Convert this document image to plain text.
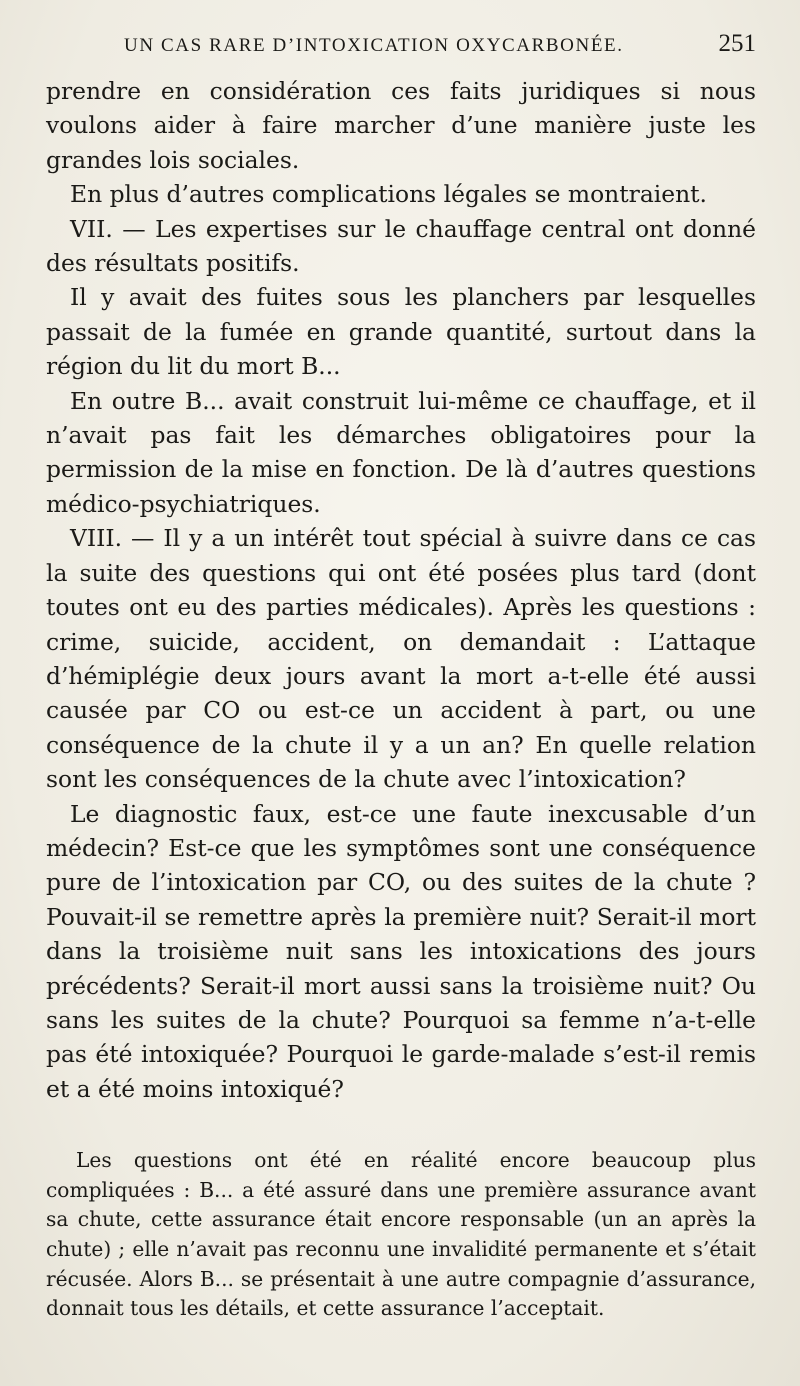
UN CAS RARE D’INTOXICATION OXYCARBONÉE.	251

prendre en considération ces faits juridiques si nous voulons aider à faire marcher d’une manière juste les grandes lois sociales.

En plus d’autres complications légales se montraient.

VII. — Les expertises sur le chauffage central ont donné des résultats positifs.

Il y avait des fuites sous les planchers par lesquelles passait de la fumée en grande quantité, surtout dans la région du lit du mort B...

En outre B... avait construit lui-même ce chauffage, et il n’avait pas fait les démarches obligatoires pour la permission de la mise en fonction. De là d’autres questions médico-psychiatriques.

VIII. — Il y a un intérêt tout spécial à suivre dans ce cas la suite des questions qui ont été posées plus tard (dont toutes ont eu des parties médicales). Après les questions : crime, suicide, accident, on demandait : L’attaque d’hémiplégie deux jours avant la mort a-t-elle été aussi causée par CO ou est-ce un accident à part, ou une conséquence de la chute il y a un an? En quelle relation sont les conséquences de la chute avec l’intoxication?

Le diagnostic faux, est-ce une faute inexcusable d’un médecin? Est-ce que les symptômes sont une conséquence pure de l’intoxication par CO, ou des suites de la chute ? Pouvait-il se remettre après la première nuit? Serait-il mort dans la troisième nuit sans les intoxications des jours précédents? Serait-il mort aussi sans la troisième nuit? Ou sans les suites de la chute? Pourquoi sa femme n’a-t-elle pas été intoxiquée? Pourquoi le garde-malade s’est-il remis et a été moins intoxiqué?

Les questions ont été en réalité encore beaucoup plus compliquées : B... a été assuré dans une première assurance avant sa chute, cette assurance était encore responsable (un an après la chute) ; elle n’avait pas reconnu une invalidité permanente et s’était récusée. Alors B... se présentait à une autre compagnie d’assurance, donnait tous les détails, et cette assurance l’acceptait.
